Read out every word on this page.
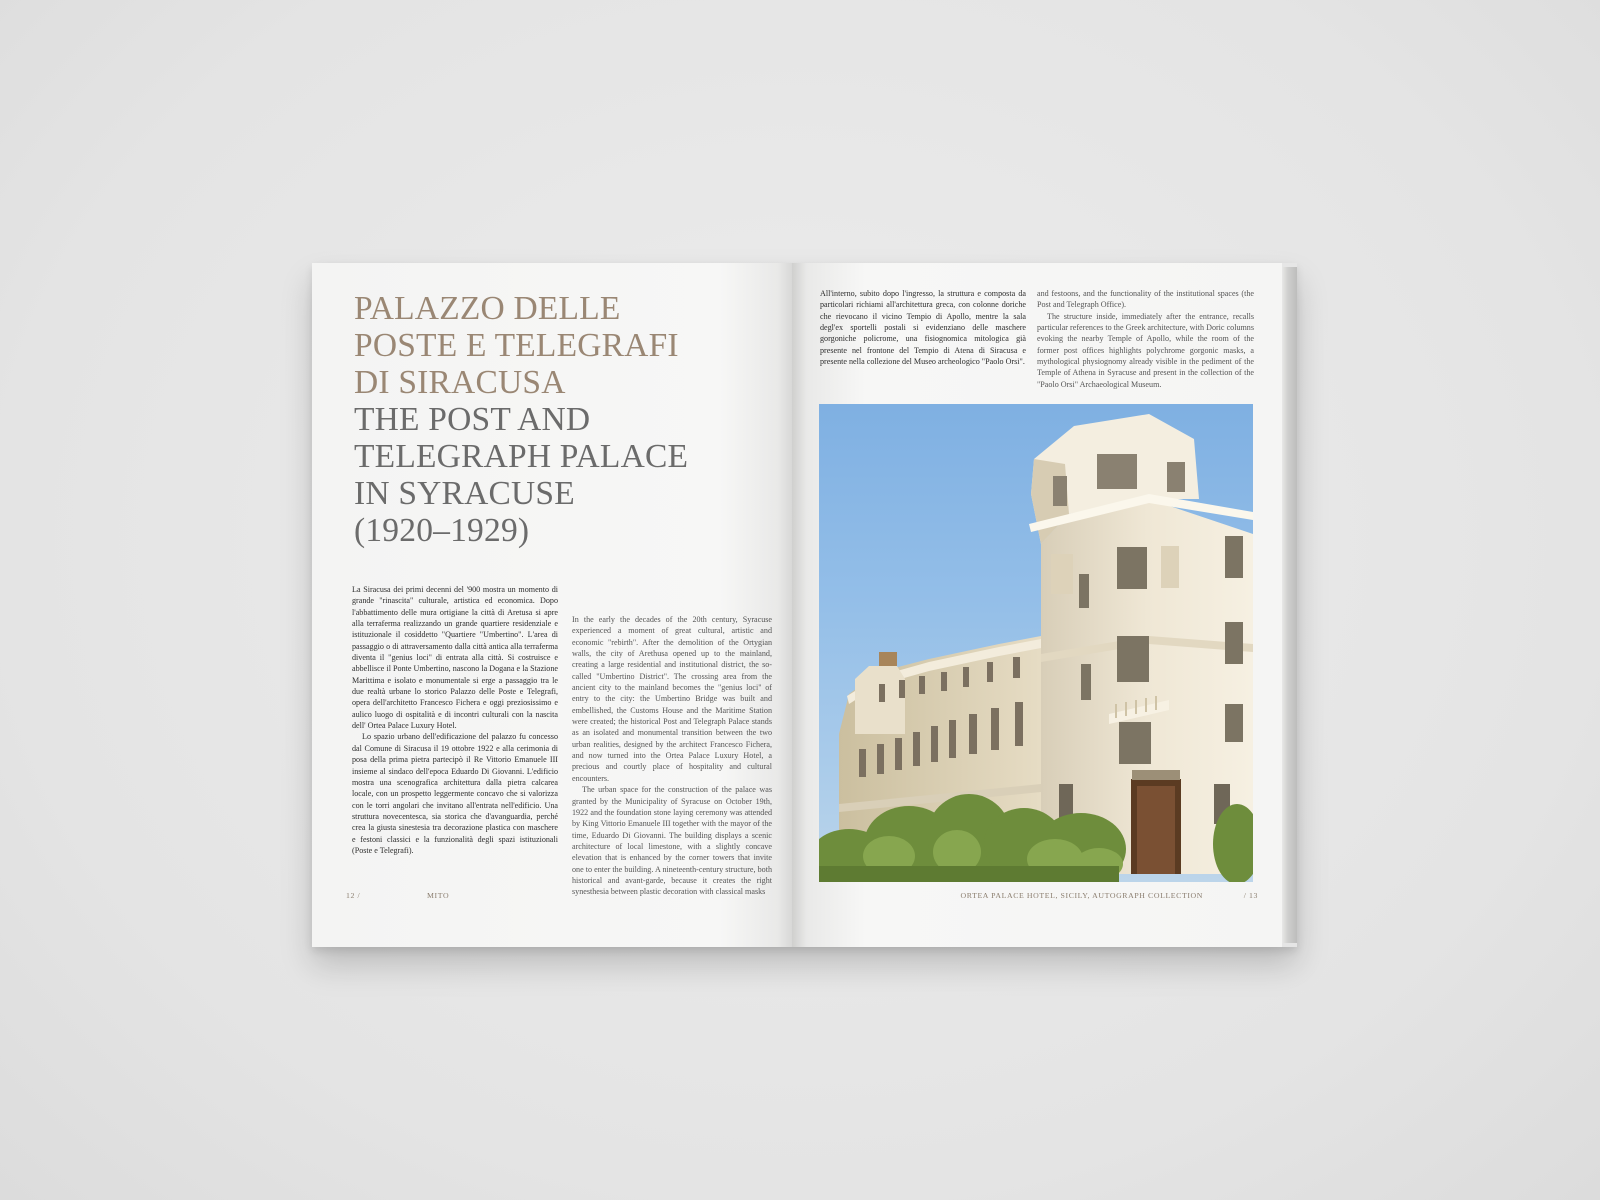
PALAZZO DELLE
POSTE E TELEGRAFI
DI SIRACUSA
THE POST AND
TELEGRAPH PALACE
IN SYRACUSE
(1920–1929)

La Siracusa dei primi decenni del '900 mostra un momento di grande "rinascita" culturale, artistica ed economica. Dopo l'abbattimento delle mura ortigiane la città di Aretusa si apre alla terraferma realizzando un grande quartiere residenziale e istituzionale il cosiddetto "Quartiere "Umbertino". L'area di passaggio o di attraversamento dalla città antica alla terraferma diventa il "genius loci" di entrata alla città. Si costruisce e abbellisce il Ponte Umbertino, nascono la Dogana e la Stazione Marittima e isolato e monumentale si erge a passaggio tra le due realtà urbane lo storico Palazzo delle Poste e Telegrafi, opera dell'architetto Francesco Fichera e oggi preziosissimo e aulico luogo di ospitalità e di incontri culturali con la nascita dell' Ortea Palace Luxury Hotel.

Lo spazio urbano dell'edificazione del palazzo fu concesso dal Comune di Siracusa il 19 ottobre 1922 e alla cerimonia di posa della prima pietra partecipò il Re Vittorio Emanuele III insieme al sindaco dell'epoca Eduardo Di Giovanni. L'edificio mostra una scenografica architettura dalla pietra calcarea locale, con un prospetto leggermente concavo che si valorizza con le torri angolari che invitano all'entrata nell'edificio. Una struttura novecentesca, sia storica che d'avanguardia, perché crea la giusta sinestesia tra decorazione plastica con maschere e festoni classici e la funzionalità degli spazi istituzionali (Poste e Telegrafi).

In the early the decades of the 20th century, Syracuse experienced a moment of great cultural, artistic and economic "rebirth". After the demolition of the Ortygian walls, the city of Arethusa opened up to the mainland, creating a large residential and institutional district, the so-called "Umbertino District". The crossing area from the ancient city to the mainland becomes the "genius loci" of entry to the city: the Umbertino Bridge was built and embellished, the Customs House and the Maritime Station were created; the historical Post and Telegraph Palace stands as an isolated and monumental transition between the two urban realities, designed by the architect Francesco Fichera, and now turned into the Ortea Palace Luxury Hotel, a precious and courtly place of hospitality and cultural encounters.

The urban space for the construction of the palace was granted by the Municipality of Syracuse on October 19th, 1922 and the foundation stone laying ceremony was attended by King Vittorio Emanuele III together with the mayor of the time, Eduardo Di Giovanni. The building displays a scenic architecture of local limestone, with a slightly concave elevation that is enhanced by the corner towers that invite one to enter the building. A nineteenth-century structure, both historical and avant-garde, because it creates the right synesthesia between plastic decoration with classical masks

12 /	MITO

All'interno, subito dopo l'ingresso, la struttura e composta da particolari richiami all'architettura greca, con colonne doriche che rievocano il vicino Tempio di Apollo, mentre la sala degl'ex sportelli postali si evidenziano delle maschere gorgoniche policrome, una fisiognomica mitologica già presente nel frontone del Tempio di Atena di Siracusa e presente nella collezione del Museo archeologico "Paolo Orsi".

and festoons, and the functionality of the institutional spaces (the Post and Telegraph Office).

The structure inside, immediately after the entrance, recalls particular references to the Greek architecture, with Doric columns evoking the nearby Temple of Apollo, while the room of the former post offices highlights polychrome gorgonic masks, a mythological physiognomy already visible in the pediment of the Temple of Athena in Syracuse and present in the collection of the "Paolo Orsi" Archaeological Museum.

ORTEA PALACE HOTEL, SICILY, AUTOGRAPH COLLECTION	/ 13
